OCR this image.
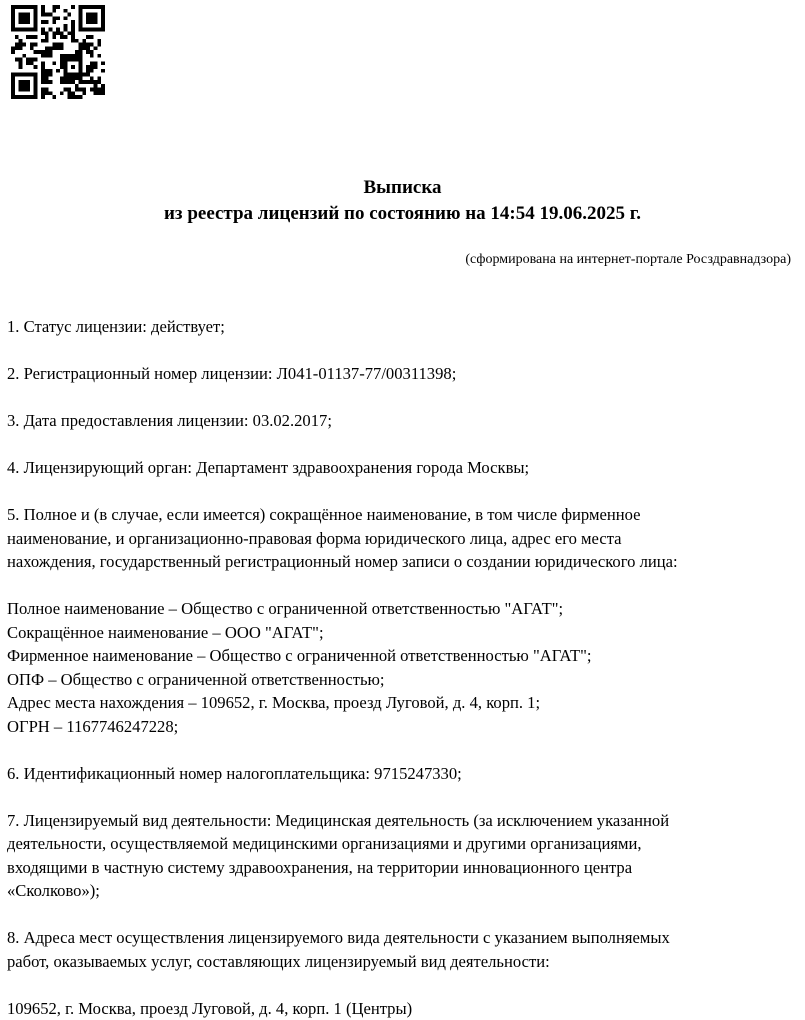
Выписка

из реестра лицензий по состоянию на 14:54 19.06.2025 г.

(сформирована на интернет-портале Росздравнадзора)

1. Статус лицензии: действует;

2. Регистрационный номер лицензии: Л041-01137-77/00311398;

3. Дата предоставления лицензии: 03.02.2017;

4. Лицензирующий орган: Департамент здравоохранения города Москвы;

5. Полное и (в случае, если имеется) сокращённое наименование, в том числе фирменное

наименование, и организационно-правовая форма юридического лица, адрес его места

нахождения, государственный регистрационный номер записи о создании юридического лица:

Полное наименование – Общество с ограниченной ответственностью "АГАТ";

Сокращённое наименование – ООО "АГАТ";

Фирменное наименование – Общество с ограниченной ответственностью "АГАТ";

ОПФ – Общество с ограниченной ответственностью;

Адрес места нахождения – 109652, г. Москва, проезд Луговой, д. 4, корп. 1;

ОГРН – 1167746247228;

6. Идентификационный номер налогоплательщика: 9715247330;

7. Лицензируемый вид деятельности: Медицинская деятельность (за исключением указанной

деятельности, осуществляемой медицинскими организациями и другими организациями,

входящими в частную систему здравоохранения, на территории инновационного центра

«Сколково»);

8. Адреса мест осуществления лицензируемого вида деятельности с указанием выполняемых

работ, оказываемых услуг, составляющих лицензируемый вид деятельности:

109652, г. Москва, проезд Луговой, д. 4, корп. 1 (Центры)
